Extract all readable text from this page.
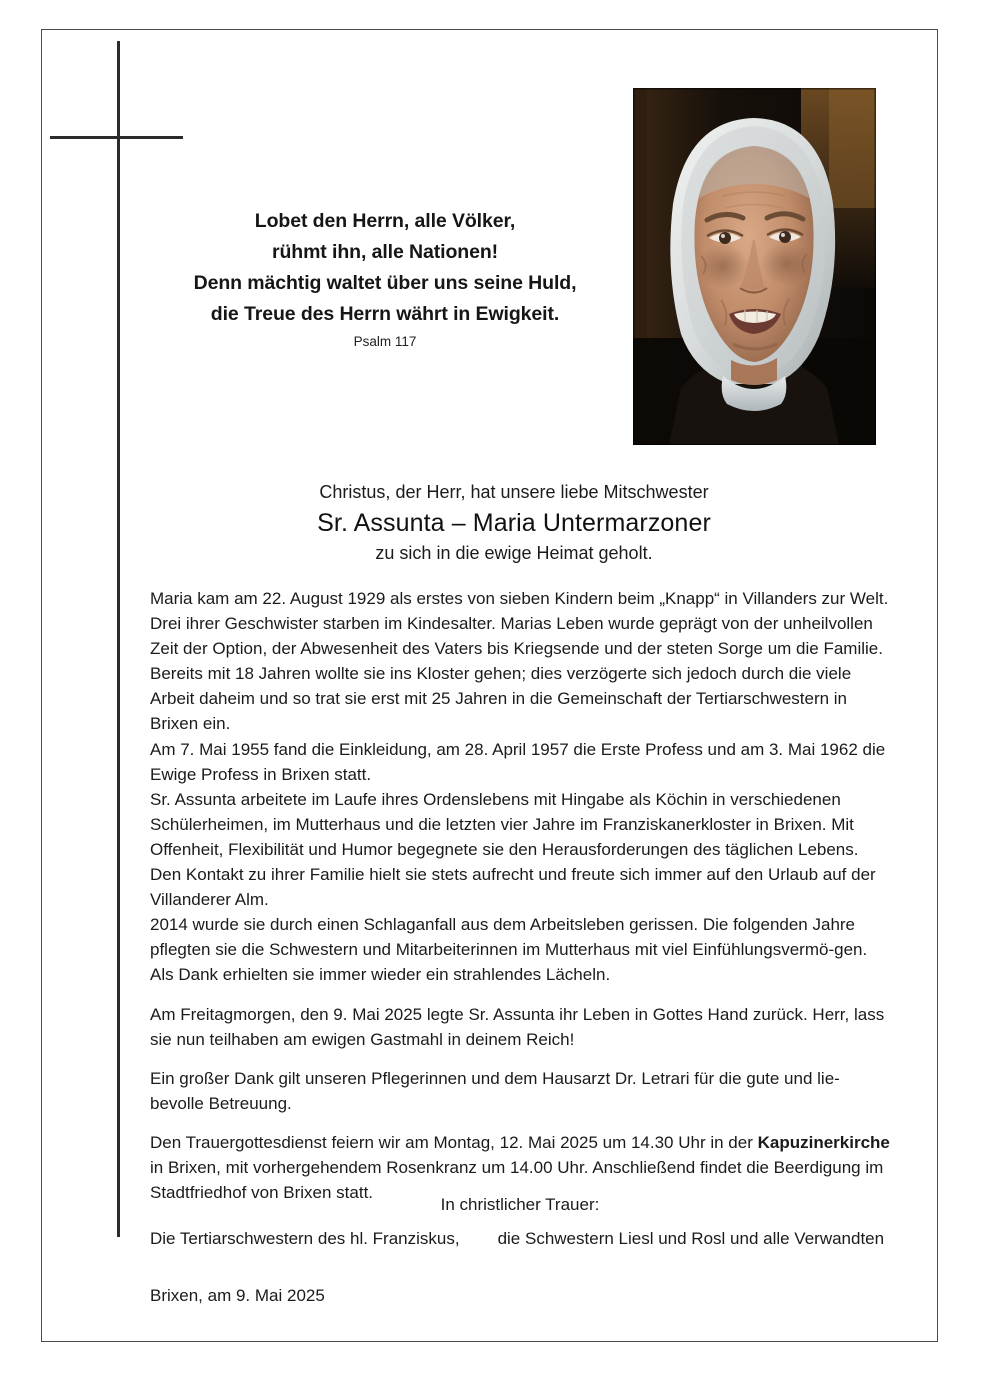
Lobet den Herrn, alle Völker,
rühmt ihn, alle Nationen!
Denn mächtig waltet über uns seine Huld,
die Treue des Herrn währt in Ewigkeit.
Psalm 117
Christus, der Herr, hat unsere liebe Mitschwester
Sr. Assunta – Maria Untermarzoner
zu sich in die ewige Heimat geholt.

Maria kam am 22. August 1929 als erstes von sieben Kindern beim „Knapp“ in Villanders zur Welt. Drei ihrer Geschwister starben im Kindesalter. Marias Leben wurde geprägt von der unheilvollen Zeit der Option, der Abwesenheit des Vaters bis Kriegsende und der steten Sorge um die Familie. Bereits mit 18 Jahren wollte sie ins Kloster gehen; dies verzögerte sich jedoch durch die viele Arbeit daheim und so trat sie erst mit 25 Jahren in die Gemeinschaft der Tertiarschwestern in Brixen ein.

Am 7. Mai 1955 fand die Einkleidung, am 28. April 1957 die Erste Profess und am 3. Mai 1962 die Ewige Profess in Brixen statt.

Sr. Assunta arbeitete im Laufe ihres Ordenslebens mit Hingabe als Köchin in verschiedenen Schülerheimen, im Mutterhaus und die letzten vier Jahre im Franziskanerkloster in Brixen. Mit Offenheit, Flexibilität und Humor begegnete sie den Herausforderungen des täglichen Lebens. Den Kontakt zu ihrer Familie hielt sie stets aufrecht und freute sich immer auf den Urlaub auf der Villanderer Alm.

2014 wurde sie durch einen Schlaganfall aus dem Arbeitsleben gerissen. Die folgenden Jahre pflegten sie die Schwestern und Mitarbeiterinnen im Mutterhaus mit viel Einfühlungsvermö-gen. Als Dank erhielten sie immer wieder ein strahlendes Lächeln.

Am Freitagmorgen, den 9. Mai 2025 legte Sr. Assunta ihr Leben in Gottes Hand zurück. Herr, lass sie nun teilhaben am ewigen Gastmahl in deinem Reich!

Ein großer Dank gilt unseren Pflegerinnen und dem Hausarzt Dr. Letrari für die gute und lie-bevolle Betreuung.

Den Trauergottesdienst feiern wir am Montag, 12. Mai 2025 um 14.30 Uhr in der Kapuzinerkirche in Brixen, mit vorhergehendem Rosenkranz um 14.00 Uhr. Anschließend findet die Beerdigung im Stadtfriedhof von Brixen statt.

In christlicher Trauer:
Die Tertiarschwestern des hl. Franziskus, die Schwestern Liesl und Rosl und alle Verwandten
Brixen, am 9. Mai 2025
